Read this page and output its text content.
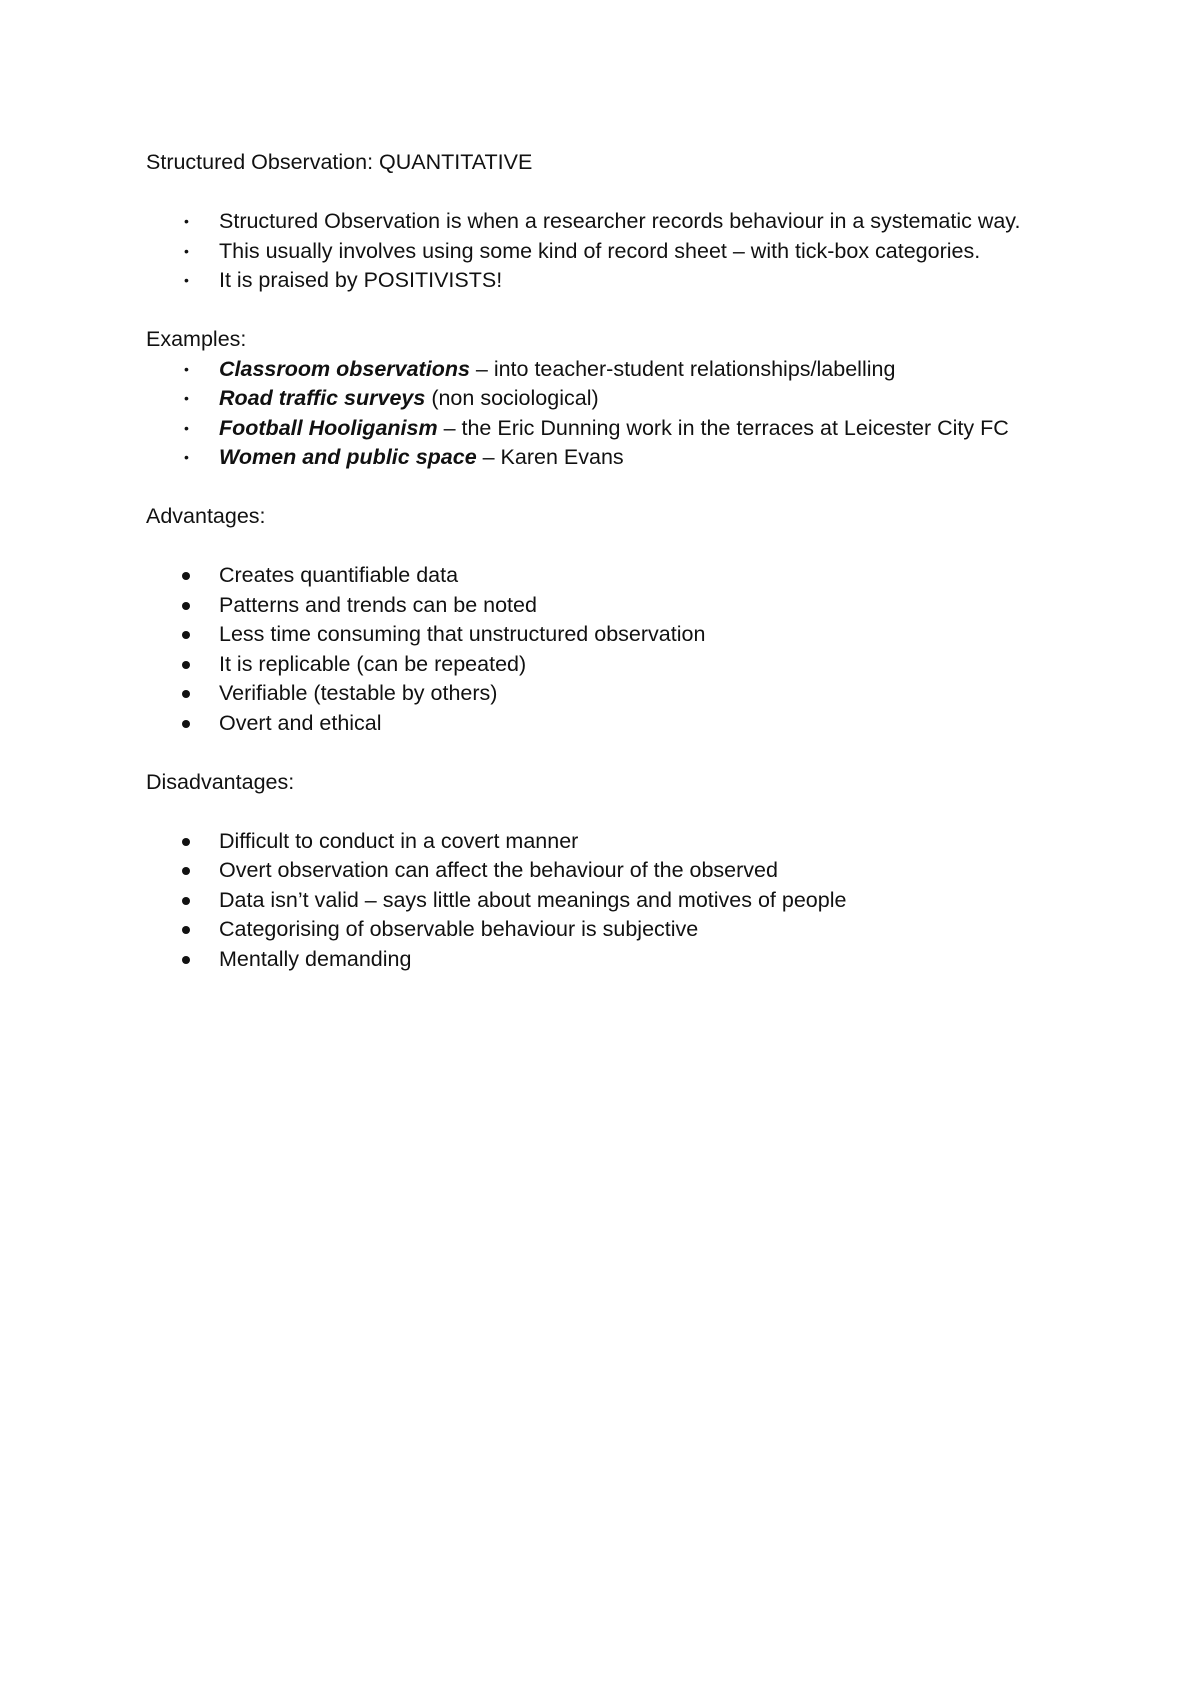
Structured Observation: QUANTITATIVE

• Structured Observation is when a researcher records behaviour in a systematic way.
• This usually involves using some kind of record sheet – with tick-box categories.
• It is praised by POSITIVISTS!

Examples:

• Classroom observations – into teacher-student relationships/labelling
• Road traffic surveys (non sociological)
• Football Hooliganism – the Eric Dunning work in the terraces at Leicester City FC
• Women and public space – Karen Evans

Advantages:

Creates quantifiable data
Patterns and trends can be noted
Less time consuming that unstructured observation
It is replicable (can be repeated)
Verifiable (testable by others)
Overt and ethical

Disadvantages:

Difficult to conduct in a covert manner
Overt observation can affect the behaviour of the observed
Data isn’t valid – says little about meanings and motives of people
Categorising of observable behaviour is subjective
Mentally demanding
